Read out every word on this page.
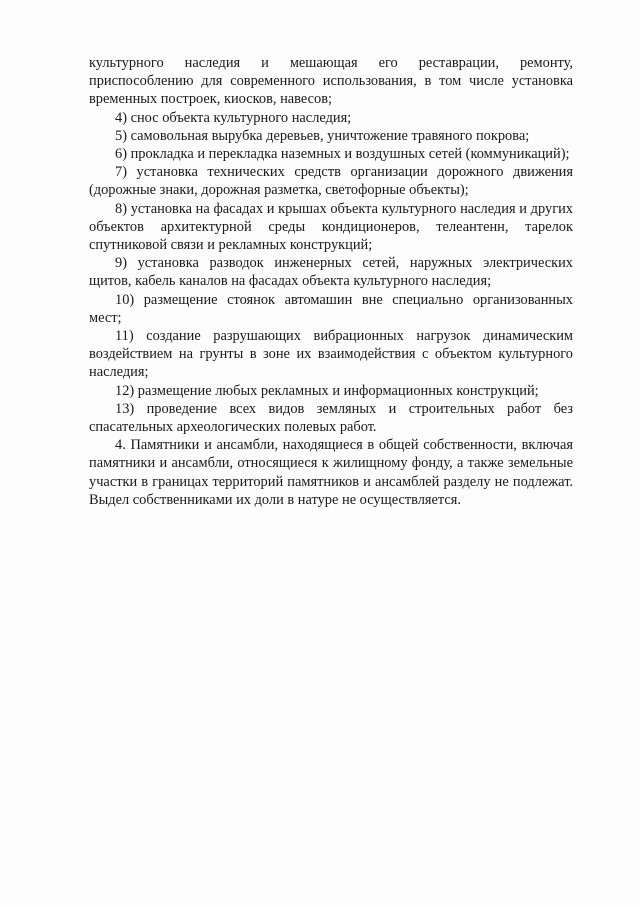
культурного наследия и мешающая его реставрации, ремонту, приспособлению для современного использования, в том числе установка временных построек, киосков, навесов;

4) снос объекта культурного наследия;

5) самовольная вырубка деревьев, уничтожение травяного покрова;

6) прокладка и перекладка наземных и воздушных сетей (коммуникаций);

7) установка технических средств организации дорожного движения (дорожные знаки, дорожная разметка, светофорные объекты);

8) установка на фасадах и крышах объекта культурного наследия и других объектов архитектурной среды кондиционеров, телеантенн, тарелок спутниковой связи и рекламных конструкций;

9) установка разводок инженерных сетей, наружных электрических щитов, кабель каналов на фасадах объекта культурного наследия;

10) размещение стоянок автомашин вне специально организованных мест;

11) создание разрушающих вибрационных нагрузок динамическим воздействием на грунты в зоне их взаимодействия с объектом культурного наследия;

12) размещение любых рекламных и информационных конструкций;

13) проведение всех видов земляных и строительных работ без спасательных археологических полевых работ.

4. Памятники и ансамбли, находящиеся в общей собственности, включая памятники и ансамбли, относящиеся к жилищному фонду, а также земельные участки в границах территорий памятников и ансамблей разделу не подлежат. Выдел собственниками их доли в натуре не осуществляется.
